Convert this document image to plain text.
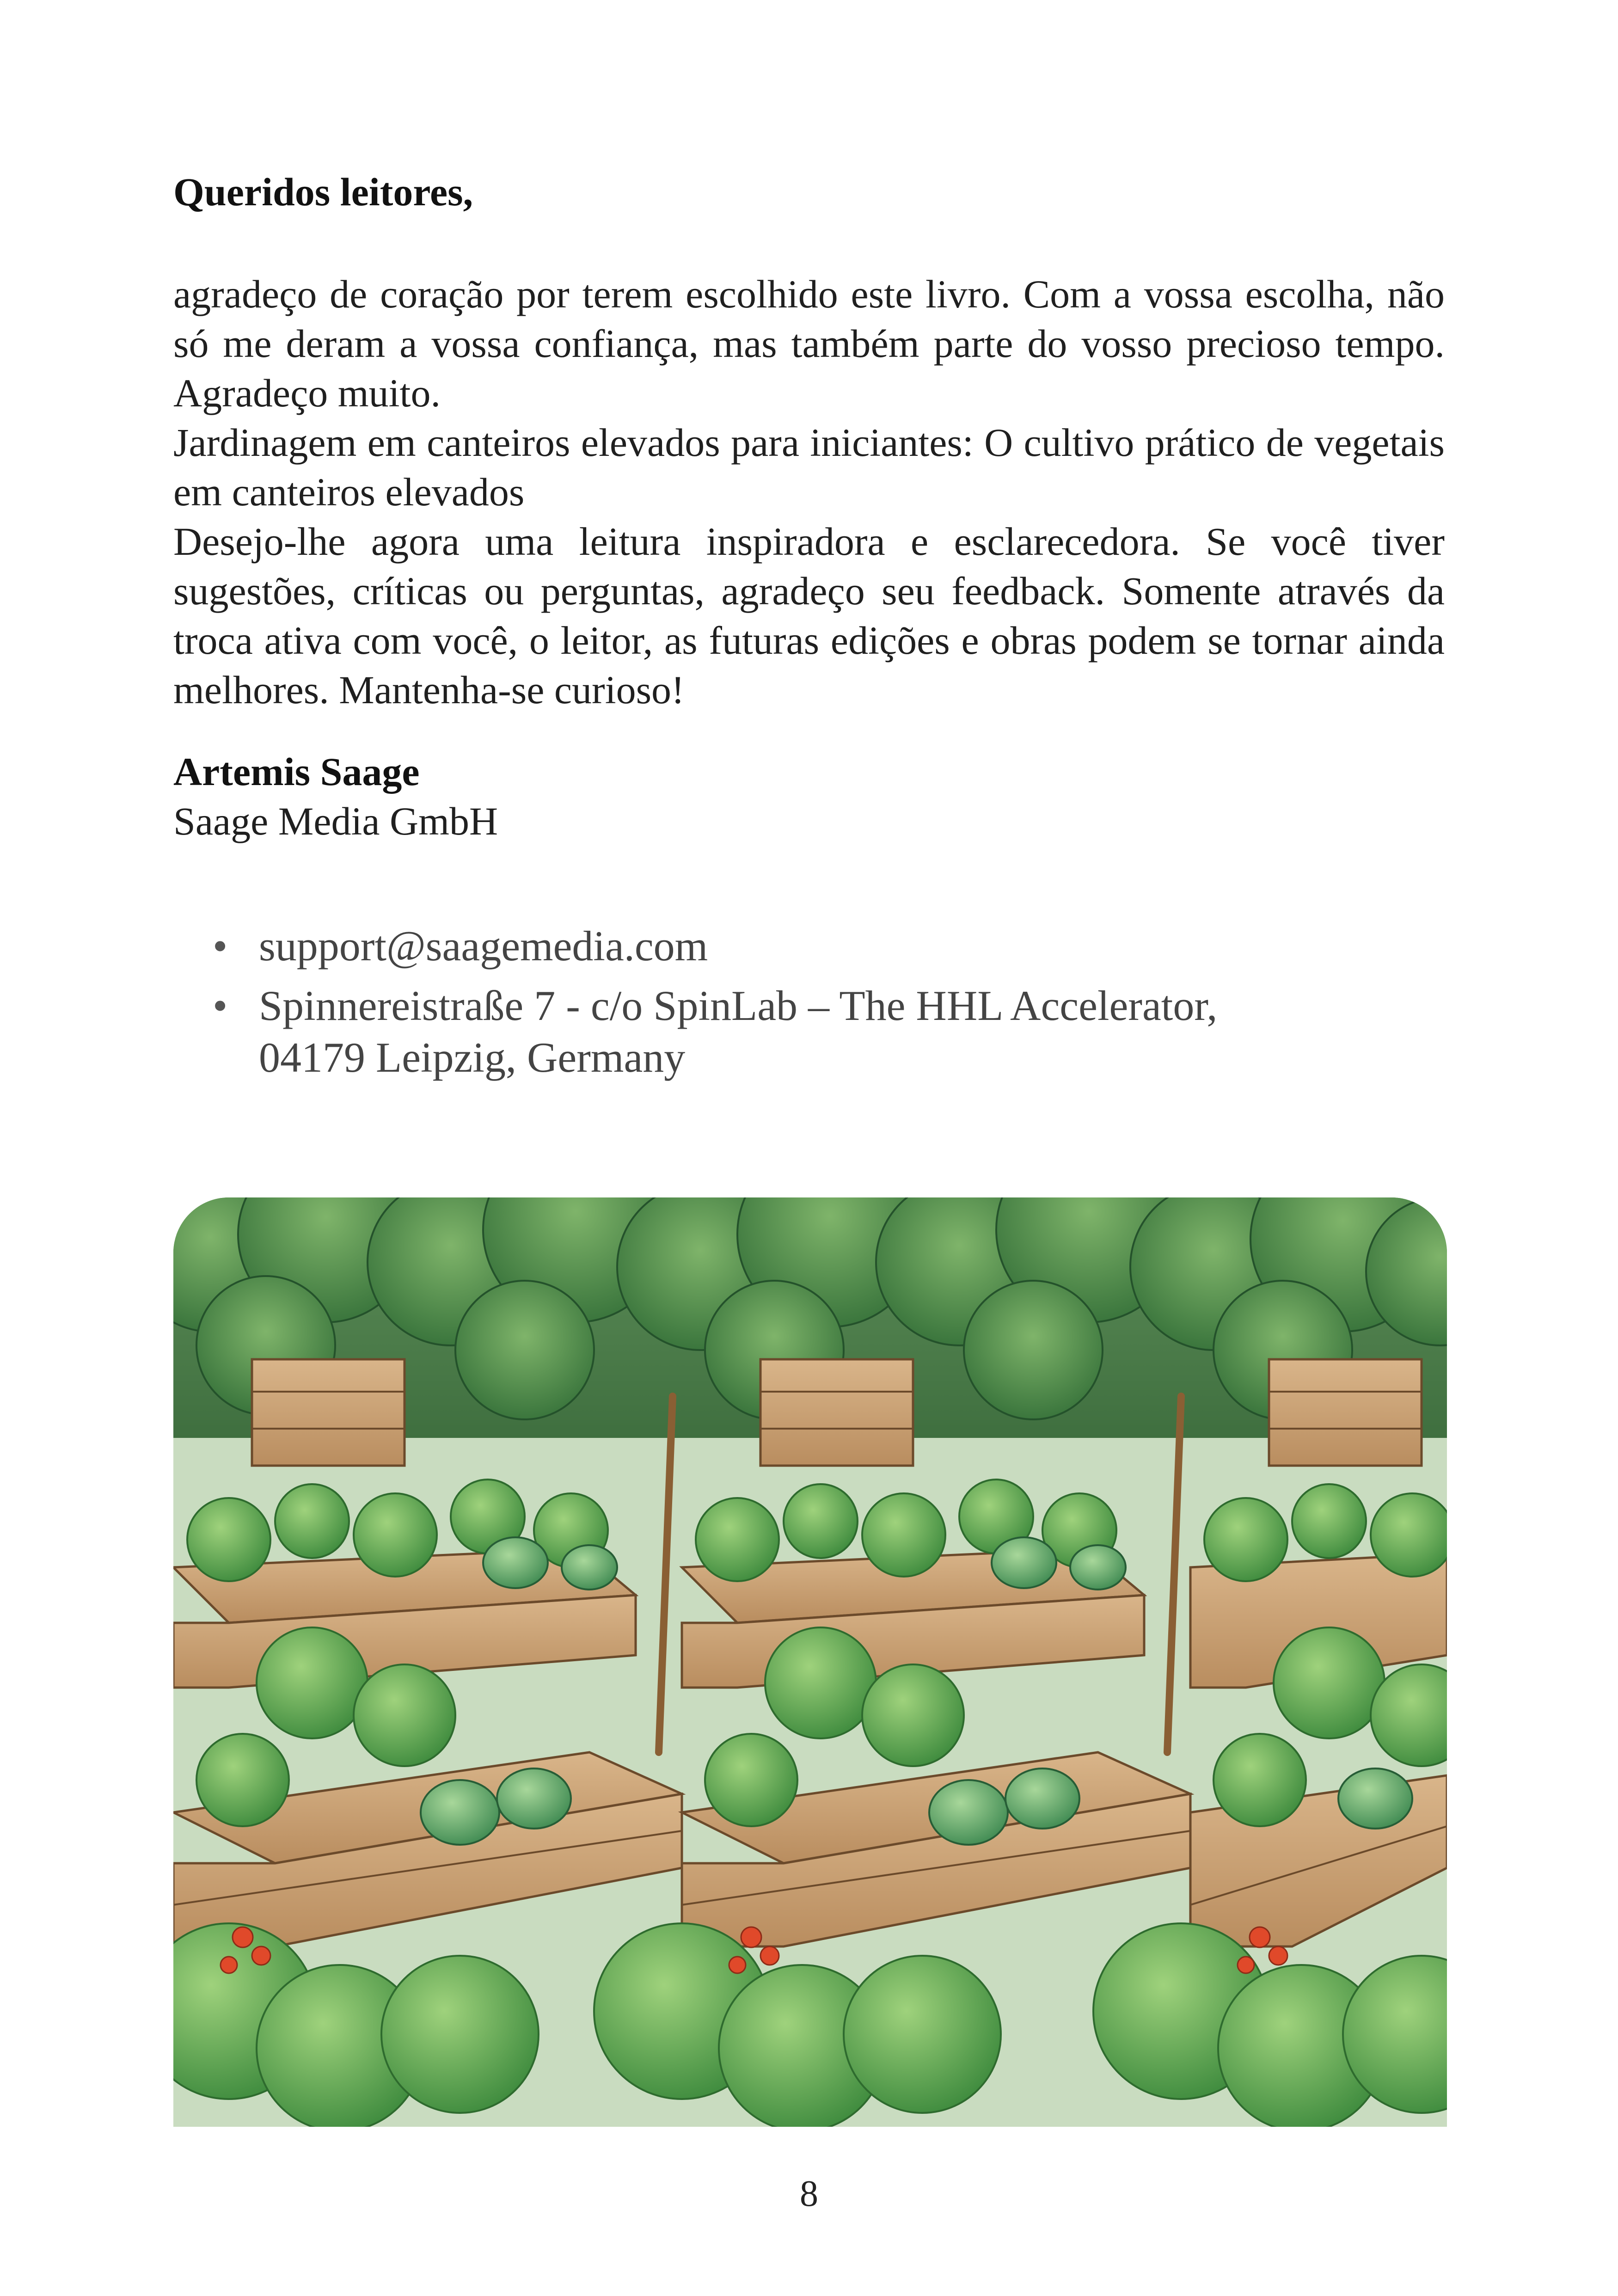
Queridos leitores,

agradeço de coração por terem escolhido este livro. Com a vossa escolha, não só me deram a vossa confiança, mas também parte do vosso precioso tempo. Agradeço muito.

Jardinagem em canteiros elevados para iniciantes: O cultivo prático de vegetais em canteiros elevados

Desejo-lhe agora uma leitura inspiradora e esclarecedora. Se você tiver sugestões, críticas ou perguntas, agradeço seu feedback. Somente através da troca ativa com você, o leitor, as futuras edições e obras podem se tornar ainda melhores. Mantenha-se curioso!

Artemis Saage
Saage Media GmbH
• support@saagemedia.com
• Spinnereistraße 7 - c/o SpinLab – The HHL Accelerator,
04179 Leipzig, Germany
8
